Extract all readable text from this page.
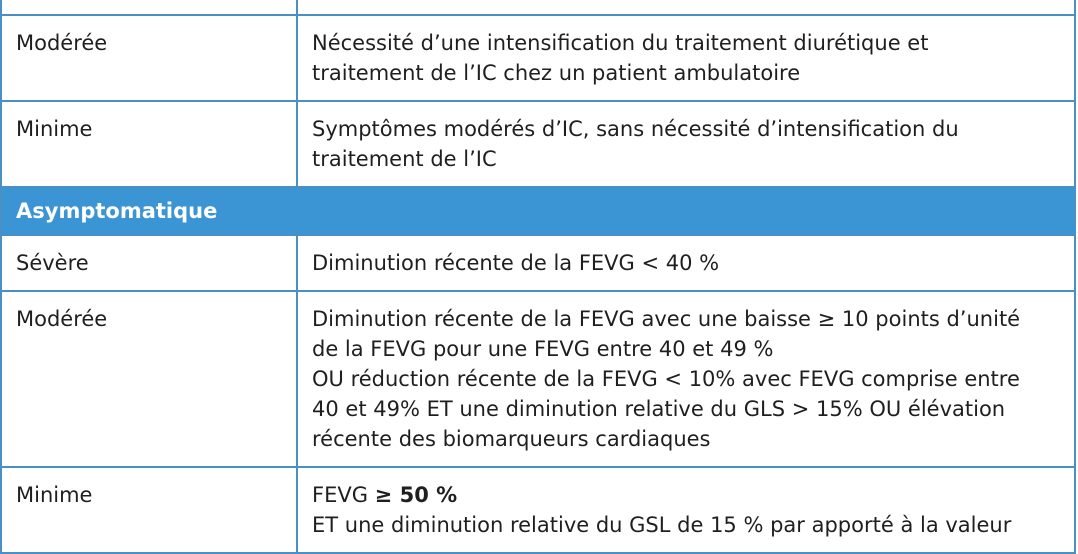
Modérée	Nécessité d’une intensification du traitement diurétique et
traitement de l’IC chez un patient ambulatoire
Minime	Symptômes modérés d’IC, sans nécessité d’intensification du
traitement de l’IC
Asymptomatique
Sévère	Diminution récente de la FEVG < 40 %
Modérée	Diminution récente de la FEVG avec une baisse ≥ 10 points d’unité
de la FEVG pour une FEVG entre 40 et 49 %
OU réduction récente de la FEVG < 10% avec FEVG comprise entre
40 et 49% ET une diminution relative du GLS > 15% OU élévation
récente des biomarqueurs cardiaques
Minime	FEVG ≥ 50 %
ET une diminution relative du GSL de 15 % par apporté à la valeur
